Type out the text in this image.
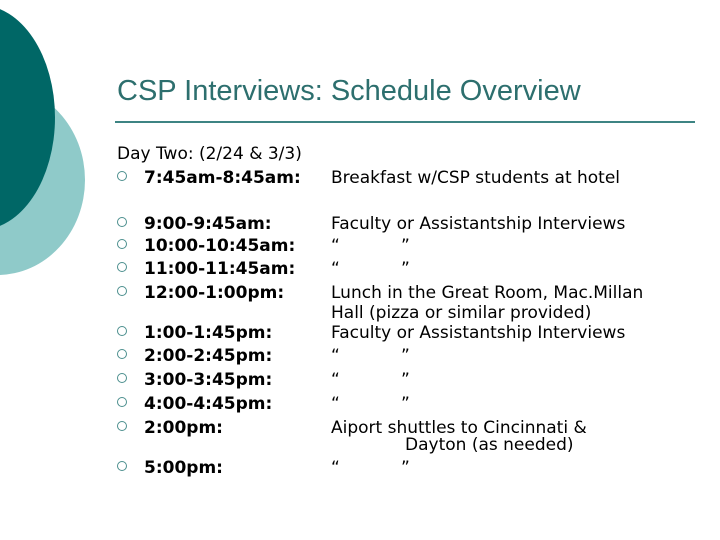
CSP Interviews: Schedule Overview
Day Two: (2/24 & 3/3)
7:45am-8:45am: Breakfast w/CSP students at hotel
9:00-9:45am:	Faculty or Assistantship Interviews
10:00-10:45am: “	”
11:00-11:45am: “	”
12:00-1:00pm:	Lunch in the Great Room, Mac.Millan
Hall (pizza or similar provided)
1:00-1:45pm:	Faculty or Assistantship Interviews
2:00-2:45pm:	“	”
3:00-3:45pm:	“	”
4:00-4:45pm:	“	”
2:00pm:	Aiport shuttles to Cincinnati &
Dayton (as needed)
5:00pm:	“	”
